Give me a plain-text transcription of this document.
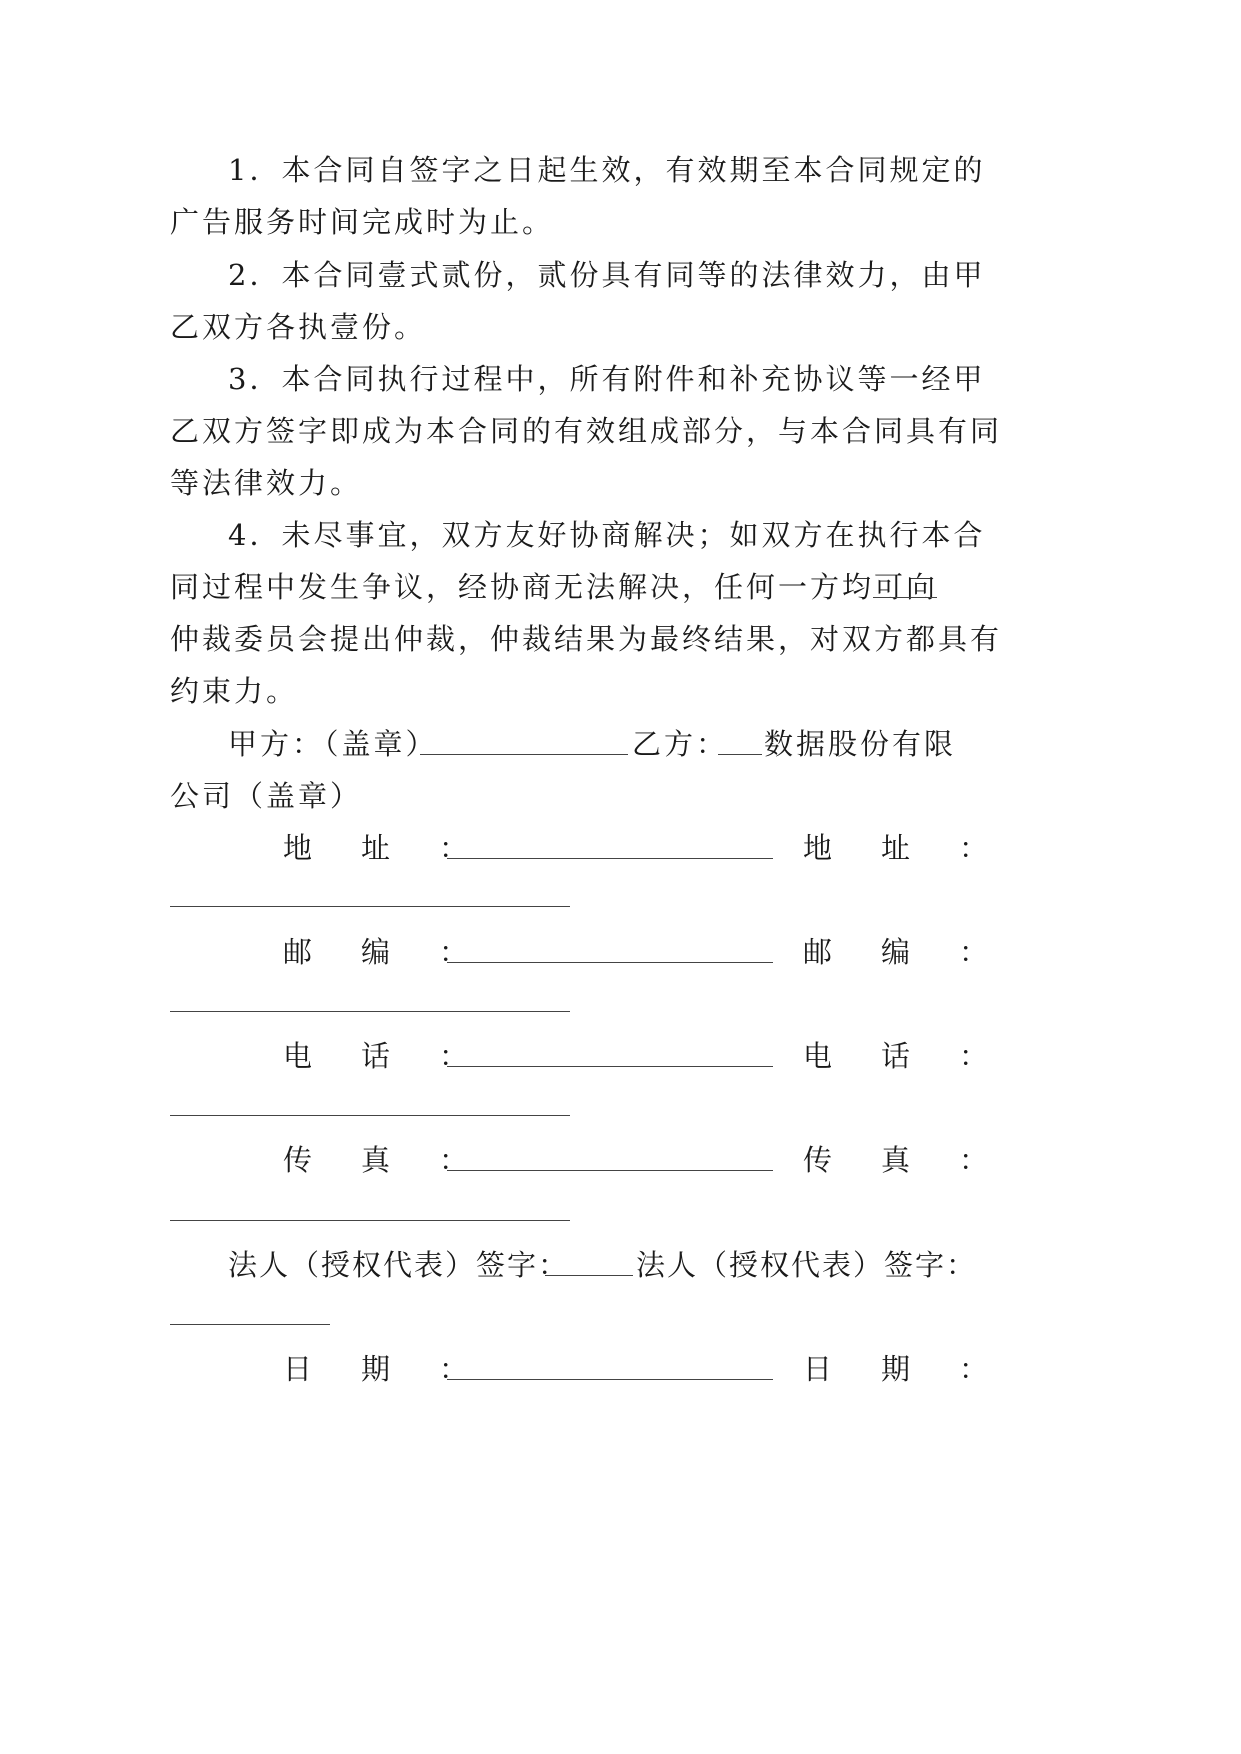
1．本合同自签字之日起生效，有效期至本合同规定的
广告服务时间完成时为止。
2．本合同壹式贰份，贰份具有同等的法律效力，由甲
乙双方各执壹份。
3．本合同执行过程中，所有附件和补充协议等一经甲
乙双方签字即成为本合同的有效组成部分，与本合同具有同
等法律效力。
4．未尽事宜，双方友好协商解决；如双方在执行本合
同过程中发生争议，经协商无法解决，任何一方均可向
仲裁委员会提出仲裁，仲裁结果为最终结果，对双方都具有
约束力。
甲方：（盖章）	乙方： 数据股份有限
公司（盖章）
地　址　：	地　址　：
邮　编　：	邮　编　：
电　话　：	电　话　：
传　真　：	传　真　：
法人（授权代表）签字： 法人（授权代表）签字：
日　期　：	日　期　：
